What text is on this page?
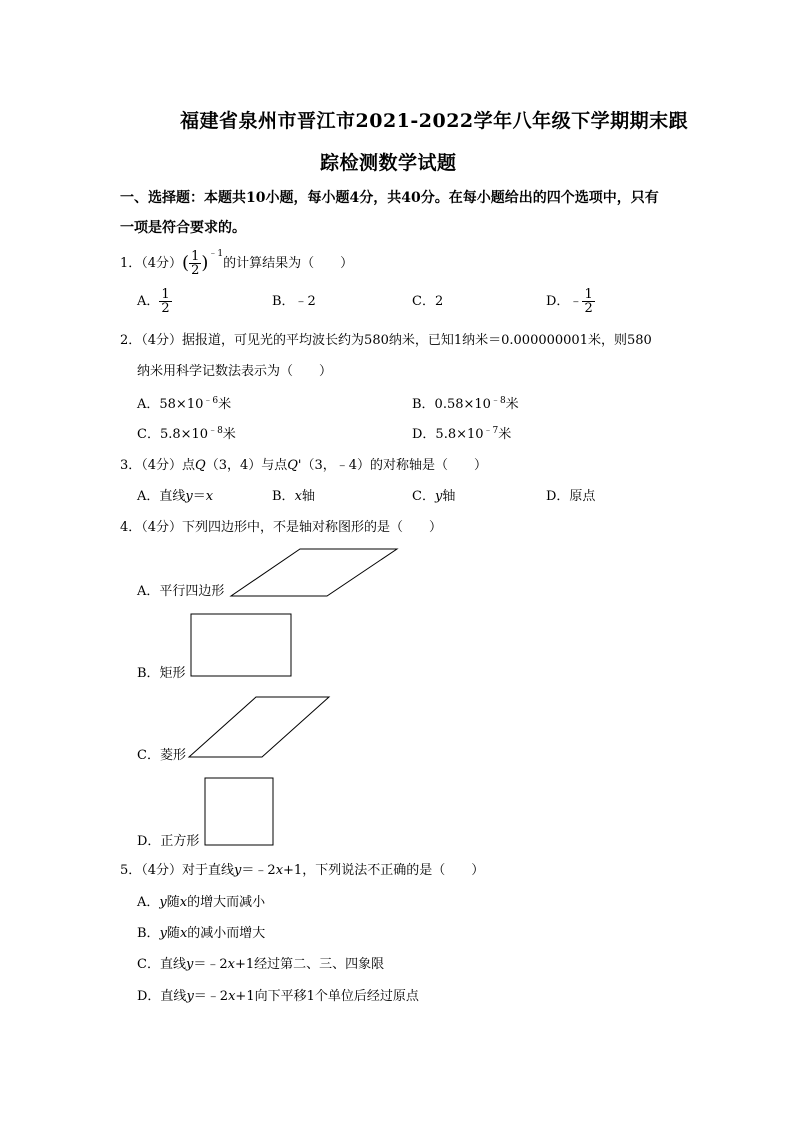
福建省泉州市晋江市2021-2022学年八年级下学期期末跟
踪检测数学试题
一、选择题：本题共10小题，每小题4分，共40分。在每小题给出的四个选项中，只有
一项是符合要求的。
1．（4分）( $\frac{1}{2} )^{﹣1}$的计算结果为（　　）
A． $\frac{1}{2}$	B．﹣2	C．2	D．﹣ $\frac{1}{2}$
2．（4分）据报道，可见光的平均波长约为580纳米，已知1纳米＝0.000000001米，则580
纳米用科学记数法表示为（　　）
A．$58\times 10^{﹣6}$米	B．$0.58\times 10^{﹣8}$米
C．$5.8\times 10^{﹣8}$米	D．$5.8\times 10^{﹣7}$米
3．（4分）点Q（3，4）与点Q'（3，﹣4）的对称轴是（　　）
A．直线y＝x	B．x轴	C．y轴	D．原点
4．（4分）下列四边形中，不是轴对称图形的是（　　）
A．平行四边形
B．矩形
C．菱形
D．正方形
5．（4分）对于直线y＝﹣2x+1，下列说法不正确的是（　　）
A．y随x的增大而减小
B．y随x的减小而增大
C．直线y＝﹣2x+1经过第二、三、四象限
D．直线y＝﹣2x+1向下平移1个单位后经过原点
